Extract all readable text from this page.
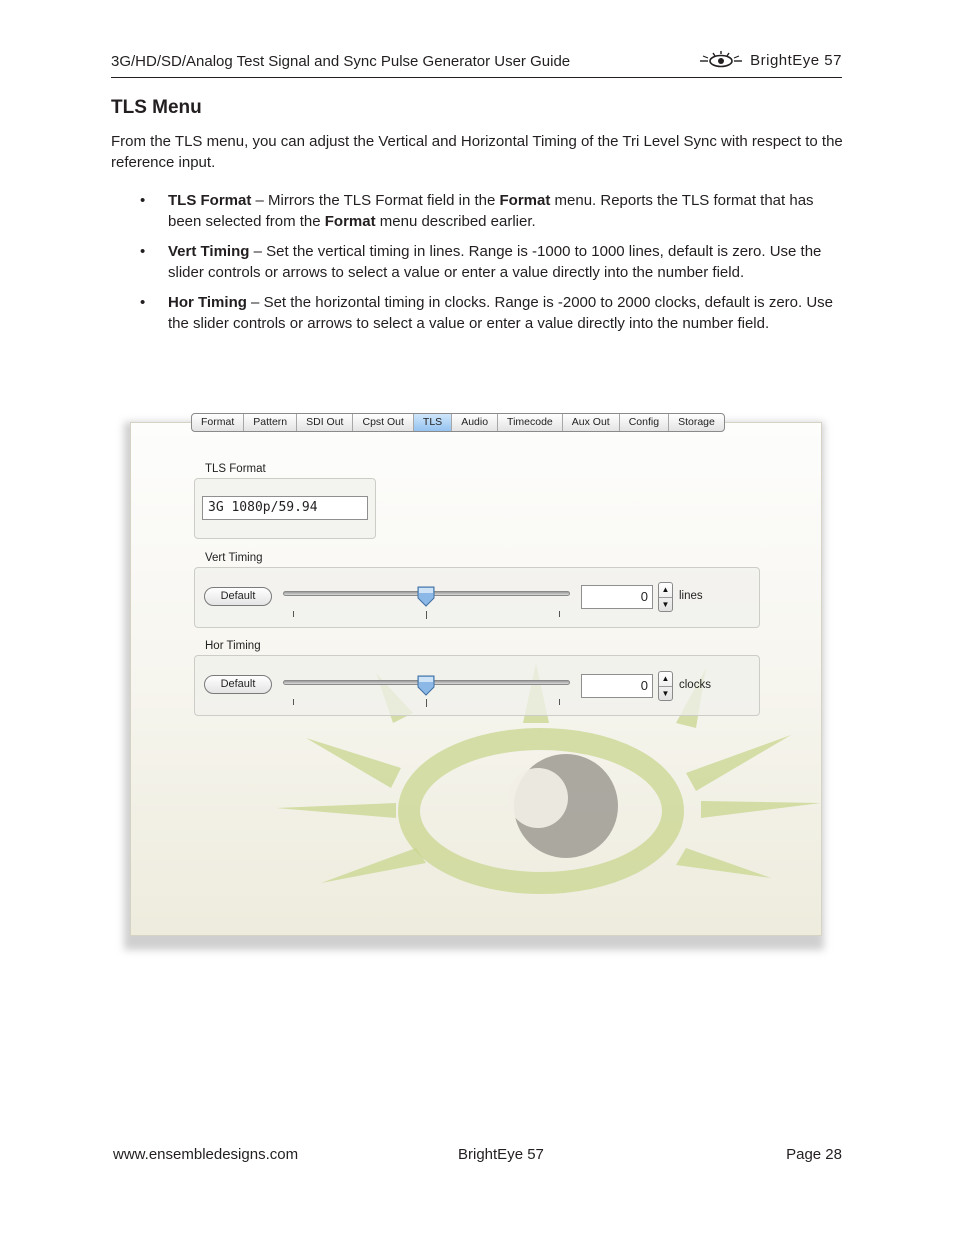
3G/HD/SD/Analog Test Signal and Sync Pulse Generator User Guide	BrightEye 57
TLS Menu

From the TLS menu, you can adjust the Vertical and Horizontal Timing of the Tri Level Sync with respect to the reference input.

• TLS Format – Mirrors the TLS Format field in the Format menu. Reports the TLS format that has been selected from the Format menu described earlier.
• Vert Timing – Set the vertical timing in lines. Range is -1000 to 1000 lines, default is zero. Use the slider controls or arrows to select a value or enter a value directly into the number field.
• Hor Timing – Set the horizontal timing in clocks. Range is -2000 to 2000 clocks, default is zero. Use the slider controls or arrows to select a value or enter a value directly into the number field.
Format	Pattern	SDI Out	Cpst Out	TLS	Audio	Timecode	Aux Out	Config	Storage
TLS Format
3G 1080p/59.94
Vert Timing
Default	0	▲
▼
lines
Hor Timing
Default	0	▲
▼
clocks
www.ensembledesigns.com	BrightEye 57	Page 28
